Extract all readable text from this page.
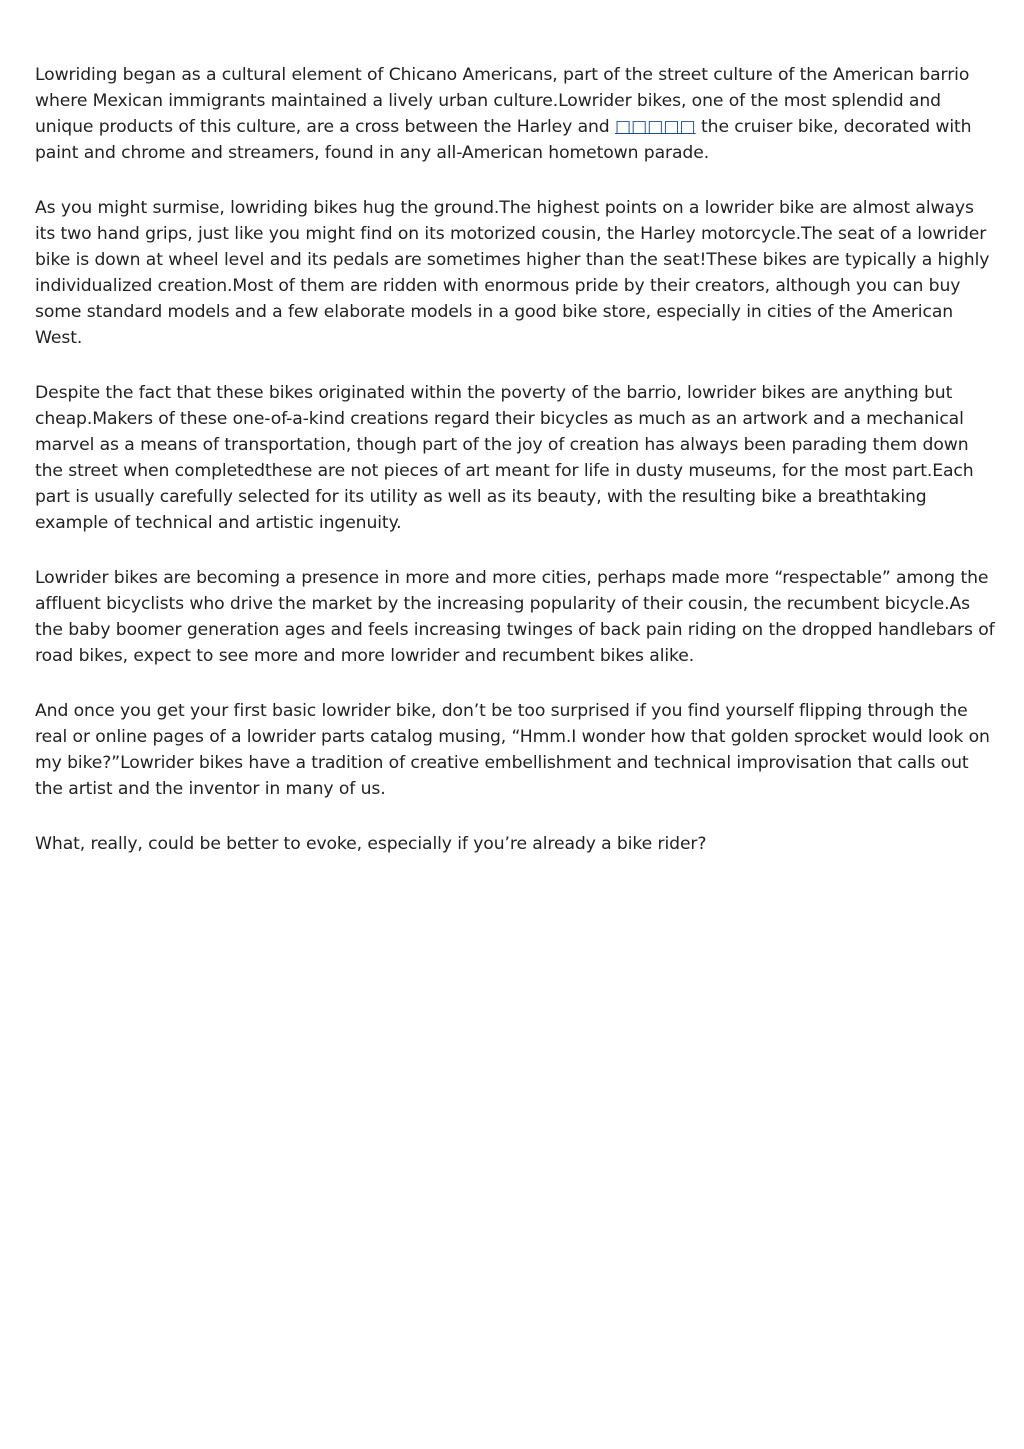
Lowriding began as a cultural element of Chicano Americans, part of the street culture of the American barrio where Mexican immigrants maintained a lively urban culture.Lowrider bikes, one of the most splendid and unique products of this culture, are a cross between the Harley and □□□□□ the cruiser bike, decorated with paint and chrome and streamers, found in any all-American hometown parade.

As you might surmise, lowriding bikes hug the ground.The highest points on a lowrider bike are almost always its two hand grips, just like you might find on its motorized cousin, the Harley motorcycle.The seat of a lowrider bike is down at wheel level and its pedals are sometimes higher than the seat!These bikes are typically a highly individualized creation.Most of them are ridden with enormous pride by their creators, although you can buy some standard models and a few elaborate models in a good bike store, especially in cities of the American West.

Despite the fact that these bikes originated within the poverty of the barrio, lowrider bikes are anything but cheap.Makers of these one-of-a-kind creations regard their bicycles as much as an artwork and a mechanical marvel as a means of transportation, though part of the joy of creation has always been parading them down the street when completedthese are not pieces of art meant for life in dusty museums, for the most part.Each part is usually carefully selected for its utility as well as its beauty, with the resulting bike a breathtaking example of technical and artistic ingenuity.

Lowrider bikes are becoming a presence in more and more cities, perhaps made more “respectable” among the affluent bicyclists who drive the market by the increasing popularity of their cousin, the recumbent bicycle.As the baby boomer generation ages and feels increasing twinges of back pain riding on the dropped handlebars of road bikes, expect to see more and more lowrider and recumbent bikes alike.

And once you get your first basic lowrider bike, don’t be too surprised if you find yourself flipping through the real or online pages of a lowrider parts catalog musing, “Hmm.I wonder how that golden sprocket would look on my bike?”Lowrider bikes have a tradition of creative embellishment and technical improvisation that calls out the artist and the inventor in many of us.

What, really, could be better to evoke, especially if you’re already a bike rider?
